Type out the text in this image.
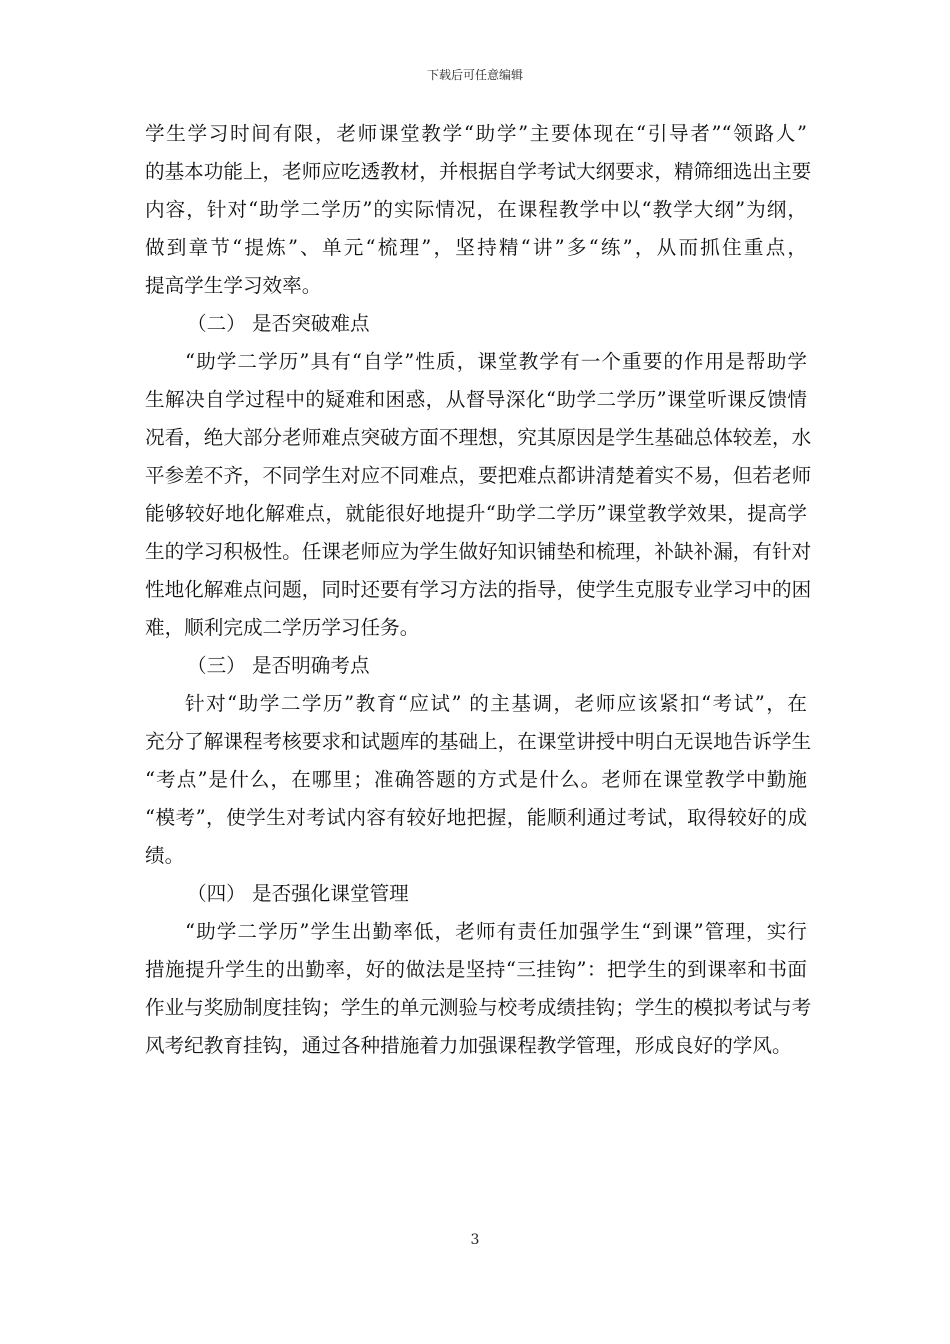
下载后可任意编辑
学生学习时间有限，老师课堂教学“助学”主要体现在“引导者”“领路人”
的基本功能上，老师应吃透教材，并根据自学考试大纲要求，精筛细选出主要
内容，针对“助学二学历”的实际情况，在课程教学中以“教学大纲”为纲，
做到章节“提炼”、单元“梳理”，坚持精“讲”多“练”，从而抓住重点，
提高学生学习效率。
（二） 是否突破难点
“助学二学历”具有“自学”性质，课堂教学有一个重要的作用是帮助学
生解决自学过程中的疑难和困惑，从督导深化“助学二学历”课堂听课反馈情
况看，绝大部分老师难点突破方面不理想，究其原因是学生基础总体较差，水
平参差不齐，不同学生对应不同难点，要把难点都讲清楚着实不易，但若老师
能够较好地化解难点，就能很好地提升“助学二学历”课堂教学效果，提高学
生的学习积极性。任课老师应为学生做好知识铺垫和梳理，补缺补漏，有针对
性地化解难点问题，同时还要有学习方法的指导，使学生克服专业学习中的困
难，顺利完成二学历学习任务。
（三） 是否明确考点
针对“助学二学历”教育“应试” 的主基调，老师应该紧扣“考试”，在
充分了解课程考核要求和试题库的基础上，在课堂讲授中明白无误地告诉学生
“考点”是什么，在哪里；准确答题的方式是什么。老师在课堂教学中勤施
“模考”，使学生对考试内容有较好地把握，能顺利通过考试，取得较好的成
绩。
（四） 是否强化课堂管理
“助学二学历”学生出勤率低，老师有责任加强学生“到课”管理，实行
措施提升学生的出勤率，好的做法是坚持“三挂钩”：把学生的到课率和书面
作业与奖励制度挂钩；学生的单元测验与校考成绩挂钩；学生的模拟考试与考
风考纪教育挂钩，通过各种措施着力加强课程教学管理，形成良好的学风。
3
